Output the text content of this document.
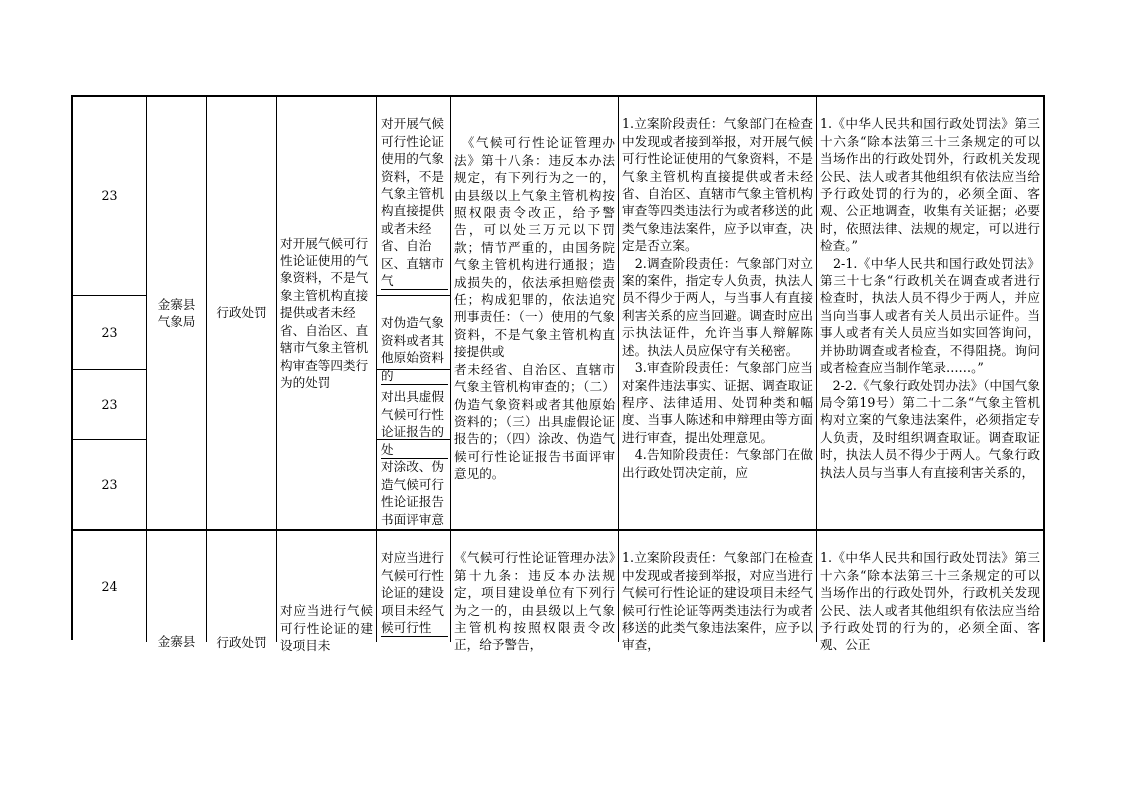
23
23
23
23
金寨县
气象局
行政处罚
对开展气候可行性论证使用的气象资料，不是气象主管机构直接提供或者未经省、自治区、直辖市气象主管机构审查等四类行为的处罚

对开展气候可行性论证使用的气象资料，不是气象主管机构直接提供或者未经省、自治区、直辖市气

对伪造气象资料或者其他原始资料的

对出具虚假气候可行性论证报告的处

对涂改、伪造气候可行性论证报告书面评审意

　《气候可行性论证管理办法》第十八条：违反本办法规定，有下列行为之一的，由县级以上气象主管机构按照权限责令改正，给予警告，可以处三万元以下罚款；情节严重的，由国务院气象主管机构进行通报；造成损失的，依法承担赔偿责任；构成犯罪的，依法追究刑事责任：（一）使用的气象资料，不是气象主管机构直接提供或
者未经省、自治区、直辖市气象主管机构审查的；（二）伪造气象资料或者其他原始资料的；（三）出具虚假论证报告的；（四）涂改、伪造气候可行性论证报告书面评审意见的。

1.立案阶段责任：气象部门在检查中发现或者接到举报，对开展气候可行性论证使用的气象资料，不是气象主管机构直接提供或者未经省、自治区、直辖市气象主管机构审查等四类违法行为或者移送的此类气象违法案件，应予以审查，决定是否立案。
　2.调查阶段责任：气象部门对立案的案件，指定专人负责，执法人员不得少于两人，与当事人有直接利害关系的应当回避。调查时应出示执法证件，允许当事人辩解陈述。执法人员应保守有关秘密。
　3.审查阶段责任：气象部门应当对案件违法事实、证据、调查取证程序、法律适用、处罚种类和幅度、当事人陈述和申辩理由等方面进行审查，提出处理意见。
　4.告知阶段责任：气象部门在做出行政处罚决定前，应

1.《中华人民共和国行政处罚法》第三十六条“除本法第三十三条规定的可以当场作出的行政处罚外，行政机关发现公民、法人或者其他组织有依法应当给予行政处罚的行为的，必须全面、客观、公正地调查，收集有关证据；必要时，依照法律、法规的规定，可以进行检查。”
　2-1.《中华人民共和国行政处罚法》第三十七条“行政机关在调查或者进行检查时，执法人员不得少于两人，并应当向当事人或者有关人员出示证件。当事人或者有关人员应当如实回答询问，并协助调查或者检查，不得阻挠。询问或者检查应当制作笔录……。”
　2-2.《气象行政处罚办法》（中国气象局令第19号）第二十二条“气象主管机构对立案的气象违法案件，必须指定专人负责，及时组织调查取证。调查取证时，执法人员不得少于两人。气象行政执法人员与当事人有直接利害关系的，

24
金寨县 行政处罚

对应当进行气候可行性论证的建设项目未

对应当进行气候可行性论证的建设项目未经气候可行性

《气候可行性论证管理办法》第十九条：违反本办法规定，项目建设单位有下列行为之一的，由县级以上气象主管机构按照权限责令改正，给予警告，

1.立案阶段责任：气象部门在检查中发现或者接到举报，对应当进行气候可行性论证的建设项目未经气候可行性论证等两类违法行为或者移送的此类气象违法案件，应予以审查，

1.《中华人民共和国行政处罚法》第三十六条“除本法第三十三条规定的可以当场作出的行政处罚外，行政机关发现公民、法人或者其他组织有依法应当给予行政处罚的行为的，必须全面、客观、公正
